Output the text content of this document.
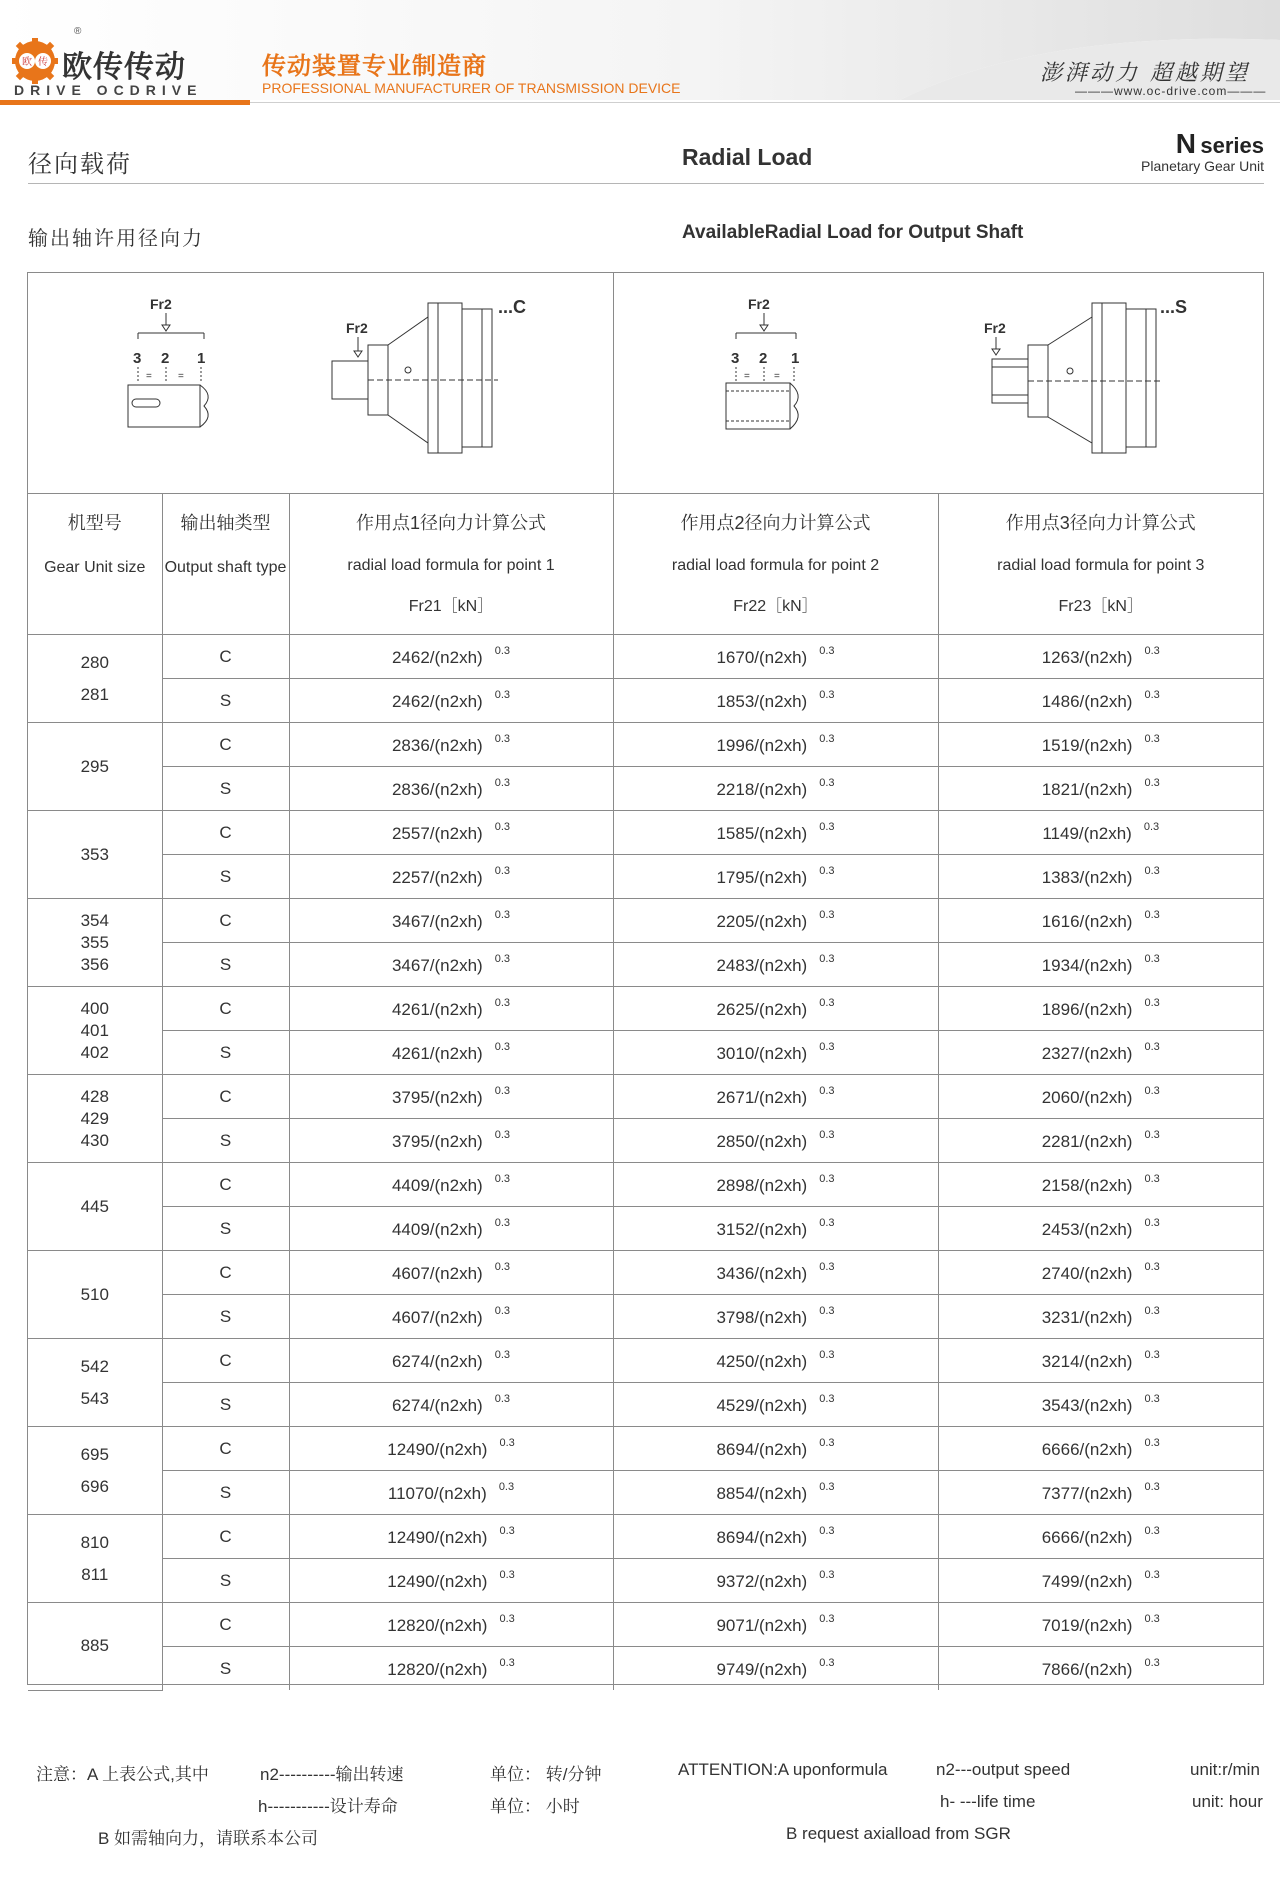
欧 传
®
欧传传动
DRIVE OCDRIVE
传动装置专业制造商
PROFESSIONAL MANUFACTURER OF TRANSMISSION DEVICE
澎湃动力 超越期望
———www.oc-drive.com———
径向载荷	Radial Load	N series
Planetary Gear Unit
输出轴许用径向力	AvailableRadial Load for Output Shaft
Fr2
3 2 1
=	=
Fr2
...C	Fr2
3 2 1
= =
Fr2
...S
机型号
Gear Unit size	输出轴类型
Output shaft type	作用点1径向力计算公式
radial load formula for point 1
Fr21［kN］	作用点2径向力计算公式
radial load formula for point 2
Fr22［kN］	作用点3径向力计算公式
radial load formula for point 3
Fr23［kN］

280
281	C	2462/(n2xh) $^{0.3}$	1670/(n2xh) $^{0.3}$	1263/(n2xh) $^{0.3}$
	S	2462/(n2xh) $^{0.3}$	1853/(n2xh) $^{0.3}$	1486/(n2xh) $^{0.3}$

295	C	2836/(n2xh) $^{0.3}$	1996/(n2xh) $^{0.3}$	1519/(n2xh) $^{0.3}$
	S	2836/(n2xh) $^{0.3}$	2218/(n2xh) $^{0.3}$	1821/(n2xh) $^{0.3}$

353	C	2557/(n2xh) $^{0.3}$	1585/(n2xh) $^{0.3}$	1149/(n2xh) $^{0.3}$
	S	2257/(n2xh) $^{0.3}$	1795/(n2xh) $^{0.3}$	1383/(n2xh) $^{0.3}$

354
355
356	C	3467/(n2xh) $^{0.3}$	2205/(n2xh) $^{0.3}$	1616/(n2xh) $^{0.3}$
	S	3467/(n2xh) $^{0.3}$	2483/(n2xh) $^{0.3}$	1934/(n2xh) $^{0.3}$

400
401
402	C	4261/(n2xh) $^{0.3}$	2625/(n2xh) $^{0.3}$	1896/(n2xh) $^{0.3}$
	S	4261/(n2xh) $^{0.3}$	3010/(n2xh) $^{0.3}$	2327/(n2xh) $^{0.3}$

428
429
430	C	3795/(n2xh) $^{0.3}$	2671/(n2xh) $^{0.3}$	2060/(n2xh) $^{0.3}$
	S	3795/(n2xh) $^{0.3}$	2850/(n2xh) $^{0.3}$	2281/(n2xh) $^{0.3}$

445	C	4409/(n2xh) $^{0.3}$	2898/(n2xh) $^{0.3}$	2158/(n2xh) $^{0.3}$
	S	4409/(n2xh) $^{0.3}$	3152/(n2xh) $^{0.3}$	2453/(n2xh) $^{0.3}$

510	C	4607/(n2xh) $^{0.3}$	3436/(n2xh) $^{0.3}$	2740/(n2xh) $^{0.3}$
	S	4607/(n2xh) $^{0.3}$	3798/(n2xh) $^{0.3}$	3231/(n2xh) $^{0.3}$

542
543	C	6274/(n2xh) $^{0.3}$	4250/(n2xh) $^{0.3}$	3214/(n2xh) $^{0.3}$
	S	6274/(n2xh) $^{0.3}$	4529/(n2xh) $^{0.3}$	3543/(n2xh) $^{0.3}$

695
696	C	12490/(n2xh) $^{0.3}$	8694/(n2xh) $^{0.3}$	6666/(n2xh) $^{0.3}$
	S	11070/(n2xh) $^{0.3}$	8854/(n2xh) $^{0.3}$	7377/(n2xh) $^{0.3}$

810
811	C	12490/(n2xh) $^{0.3}$	8694/(n2xh) $^{0.3}$	6666/(n2xh) $^{0.3}$
	S	12490/(n2xh) $^{0.3}$	9372/(n2xh) $^{0.3}$	7499/(n2xh) $^{0.3}$

885	C	12820/(n2xh) $^{0.3}$	9071/(n2xh) $^{0.3}$	7019/(n2xh) $^{0.3}$
	S	12820/(n2xh) $^{0.3}$	9749/(n2xh) $^{0.3}$	7866/(n2xh) $^{0.3}$
注意：A 上表公式,其中	n2----------输出转速
h-----------设计寿命
单位： 转/分钟
单位： 小时
B 如需轴向力，请联系本公司
ATTENTION:A uponformula	n2---output speed
h- ---life time
unit:r/min
unit: hour
B request axialload from SGR
